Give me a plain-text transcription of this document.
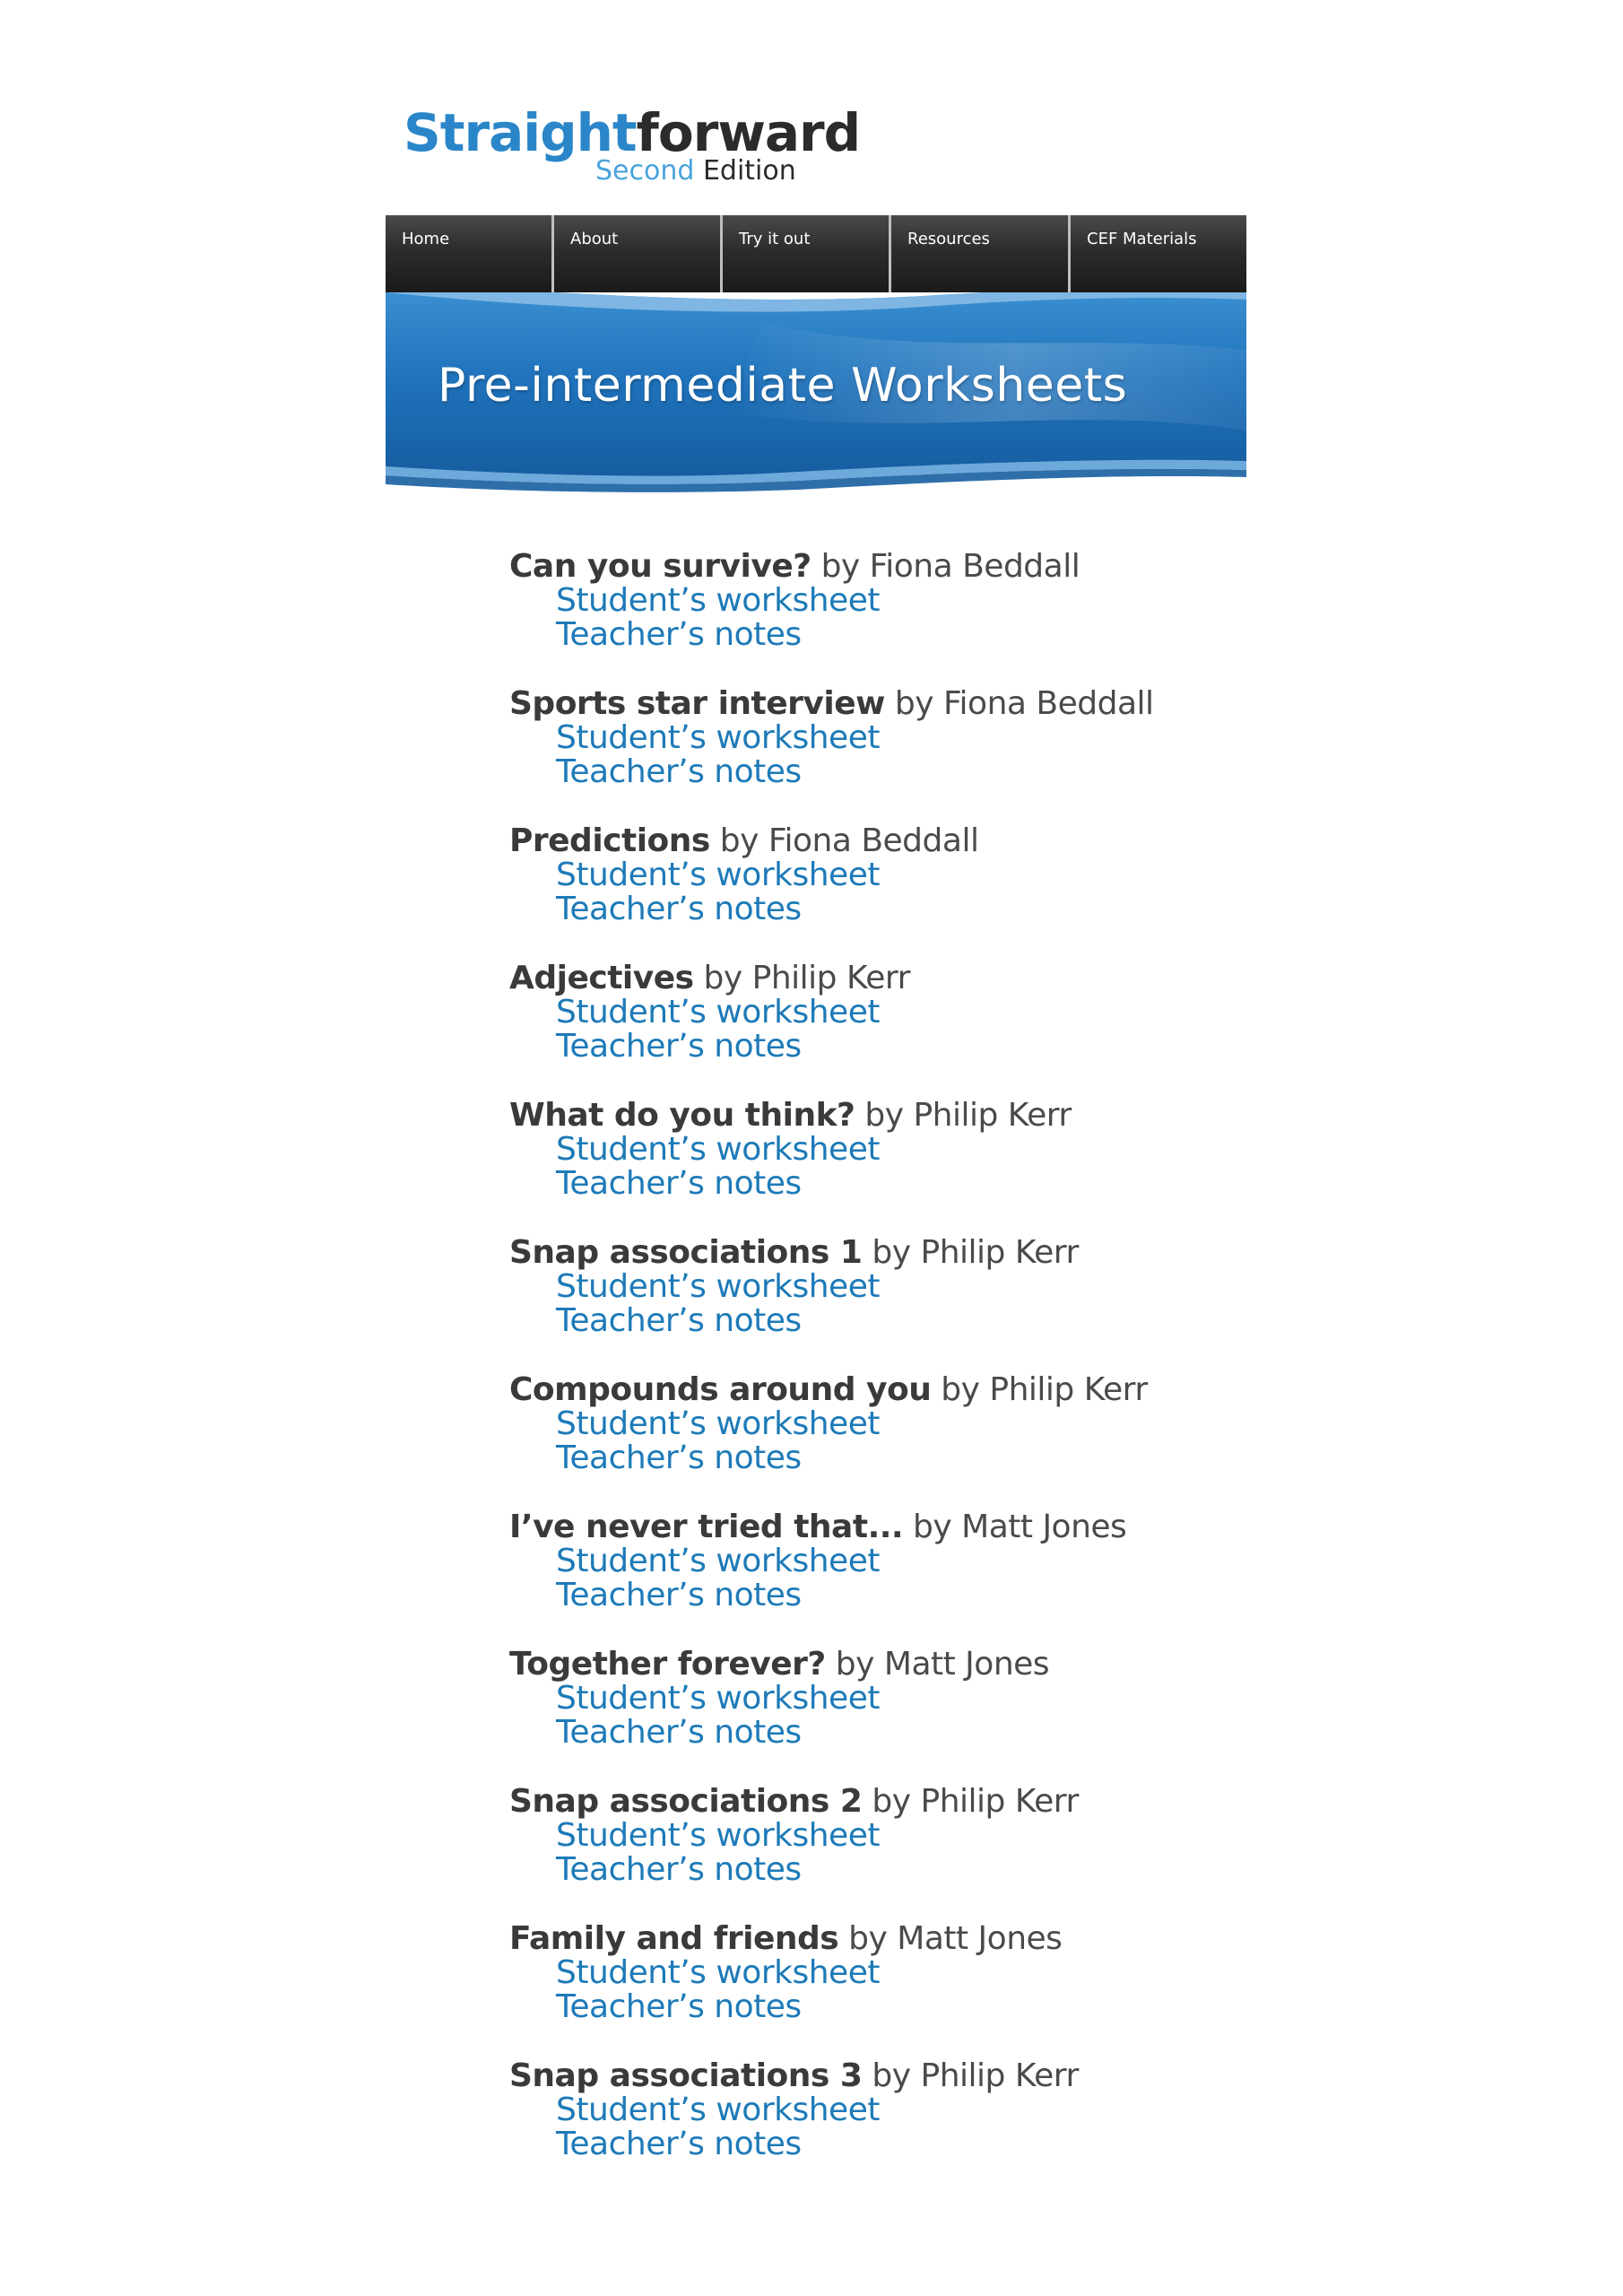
Straightforward
Second Edition
Pre-intermediate Worksheets
Home	About	Try it out	Resources	CEF Materials
Can you survive? by Fiona Beddall
Student’s worksheet
Teacher’s notes
Sports star interview by Fiona Beddall
Student’s worksheet
Teacher’s notes
Predictions by Fiona Beddall
Student’s worksheet
Teacher’s notes
Adjectives by Philip Kerr
Student’s worksheet
Teacher’s notes
What do you think? by Philip Kerr
Student’s worksheet
Teacher’s notes
Snap associations 1 by Philip Kerr
Student’s worksheet
Teacher’s notes
Compounds around you by Philip Kerr
Student’s worksheet
Teacher’s notes
I’ve never tried that... by Matt Jones
Student’s worksheet
Teacher’s notes
Together forever? by Matt Jones
Student’s worksheet
Teacher’s notes
Snap associations 2 by Philip Kerr
Student’s worksheet
Teacher’s notes
Family and friends by Matt Jones
Student’s worksheet
Teacher’s notes
Snap associations 3 by Philip Kerr
Student’s worksheet
Teacher’s notes
